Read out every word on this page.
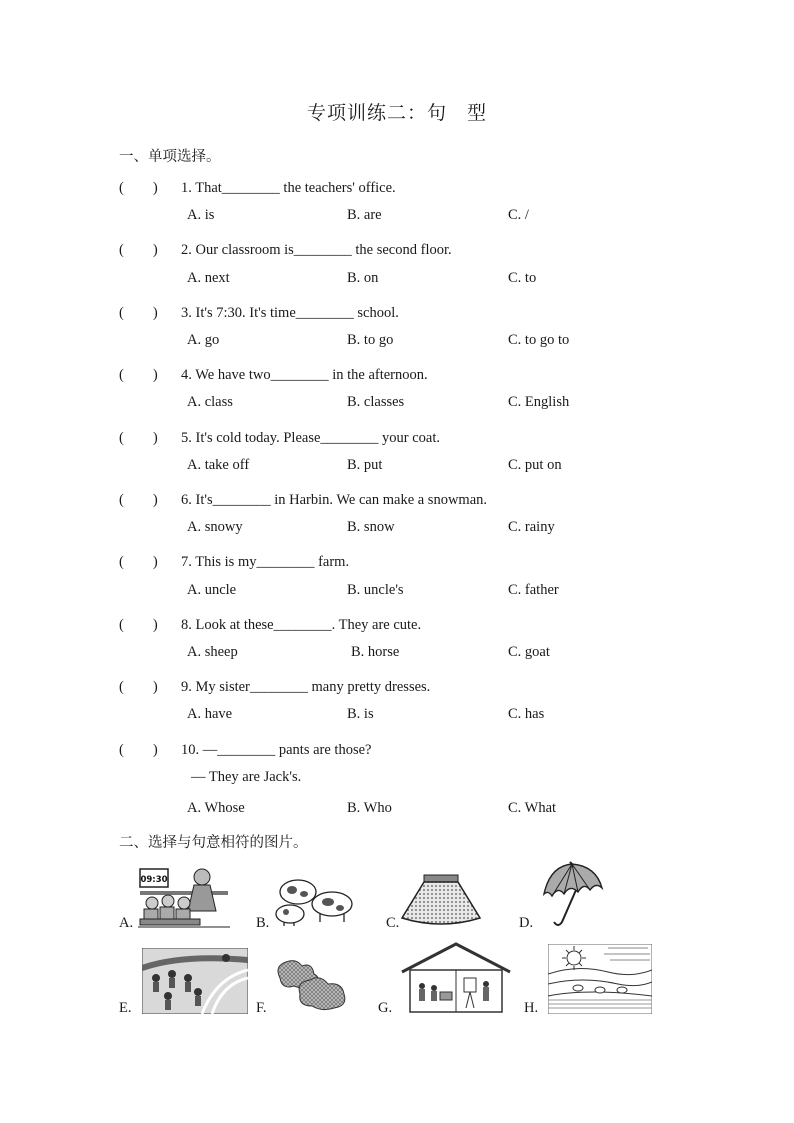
专项训练二：句　型
一、单项选择。
(　　) 1. That________ the teachers' office.
A. is	B. are	C. /
(　　) 2. Our classroom is________ the second floor.
A. next	B. on	C. to
(　　) 3. It's 7:30. It's time________ school.
A. go	B. to go	C. to go to
(　　) 4. We have two________ in the afternoon.
A. class	B. classes	C. English
(　　) 5. It's cold today. Please________ your coat.
A. take off	B. put	C. put on
(　　) 6. It's________ in Harbin. We can make a snowman.
A. snowy	B. snow	C. rainy
(　　) 7. This is my________ farm.
A. uncle	B. uncle's	C. father
(　　) 8. Look at these________. They are cute.
A. sheep	B. horse	C. goat
(　　) 9. My sister________ many pretty dresses.
A. have	B. is	C. has
(　　) 10. —________ pants are those?
— They are Jack's.
A. Whose	B. Who	C. What
二、选择与句意相符的图片。
A.	B.	C.	D.
E.	F.	G.	H.
09:30
